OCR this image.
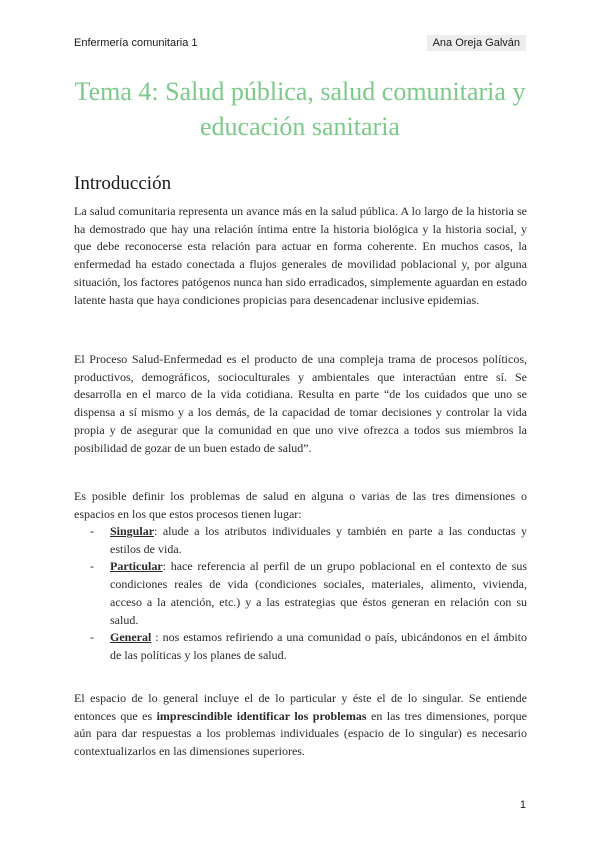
Enfermería comunitaria 1	Ana Oreja Galván
Tema 4: Salud pública, salud comunitaria y educación sanitaria
Introducción

La salud comunitaria representa un avance más en la salud pública. A lo largo de la historia se ha demostrado que hay una relación íntima entre la historia biológica y la historia social, y que debe reconocerse esta relación para actuar en forma coherente. En muchos casos, la enfermedad ha estado conectada a flujos generales de movilidad poblacional y, por alguna situación, los factores patógenos nunca han sido erradicados, simplemente aguardan en estado latente hasta que haya condiciones propicias para desencadenar inclusive epidemias.

El Proceso Salud-Enfermedad es el producto de una compleja trama de procesos políticos, productivos, demográficos, socioculturales y ambientales que interactúan entre sí. Se desarrolla en el marco de la vida cotidiana. Resulta en parte “de los cuidados que uno se dispensa a sí mismo y a los demás, de la capacidad de tomar decisiones y controlar la vida propia y de asegurar que la comunidad en que uno vive ofrezca a todos sus miembros la posibilidad de gozar de un buen estado de salud”.

Es posible definir los problemas de salud en alguna o varias de las tres dimensiones o espacios en los que estos procesos tienen lugar:

- Singular: alude a los atributos individuales y también en parte a las conductas y estilos de vida.
- Particular: hace referencia al perfil de un grupo poblacional en el contexto de sus condiciones reales de vida (condiciones sociales, materiales, alimento, vivienda, acceso a la atención, etc.) y a las estrategias que éstos generan en relación con su salud.
- General : nos estamos refiriendo a una comunidad o país, ubicándonos en el ámbito de las políticas y los planes de salud.

El espacio de lo general incluye el de lo particular y éste el de lo singular. Se entiende entonces que es imprescindible identificar los problemas en las tres dimensiones, porque aún para dar respuestas a los problemas individuales (espacio de lo singular) es necesario contextualizarlos en las dimensiones superiores.

1
